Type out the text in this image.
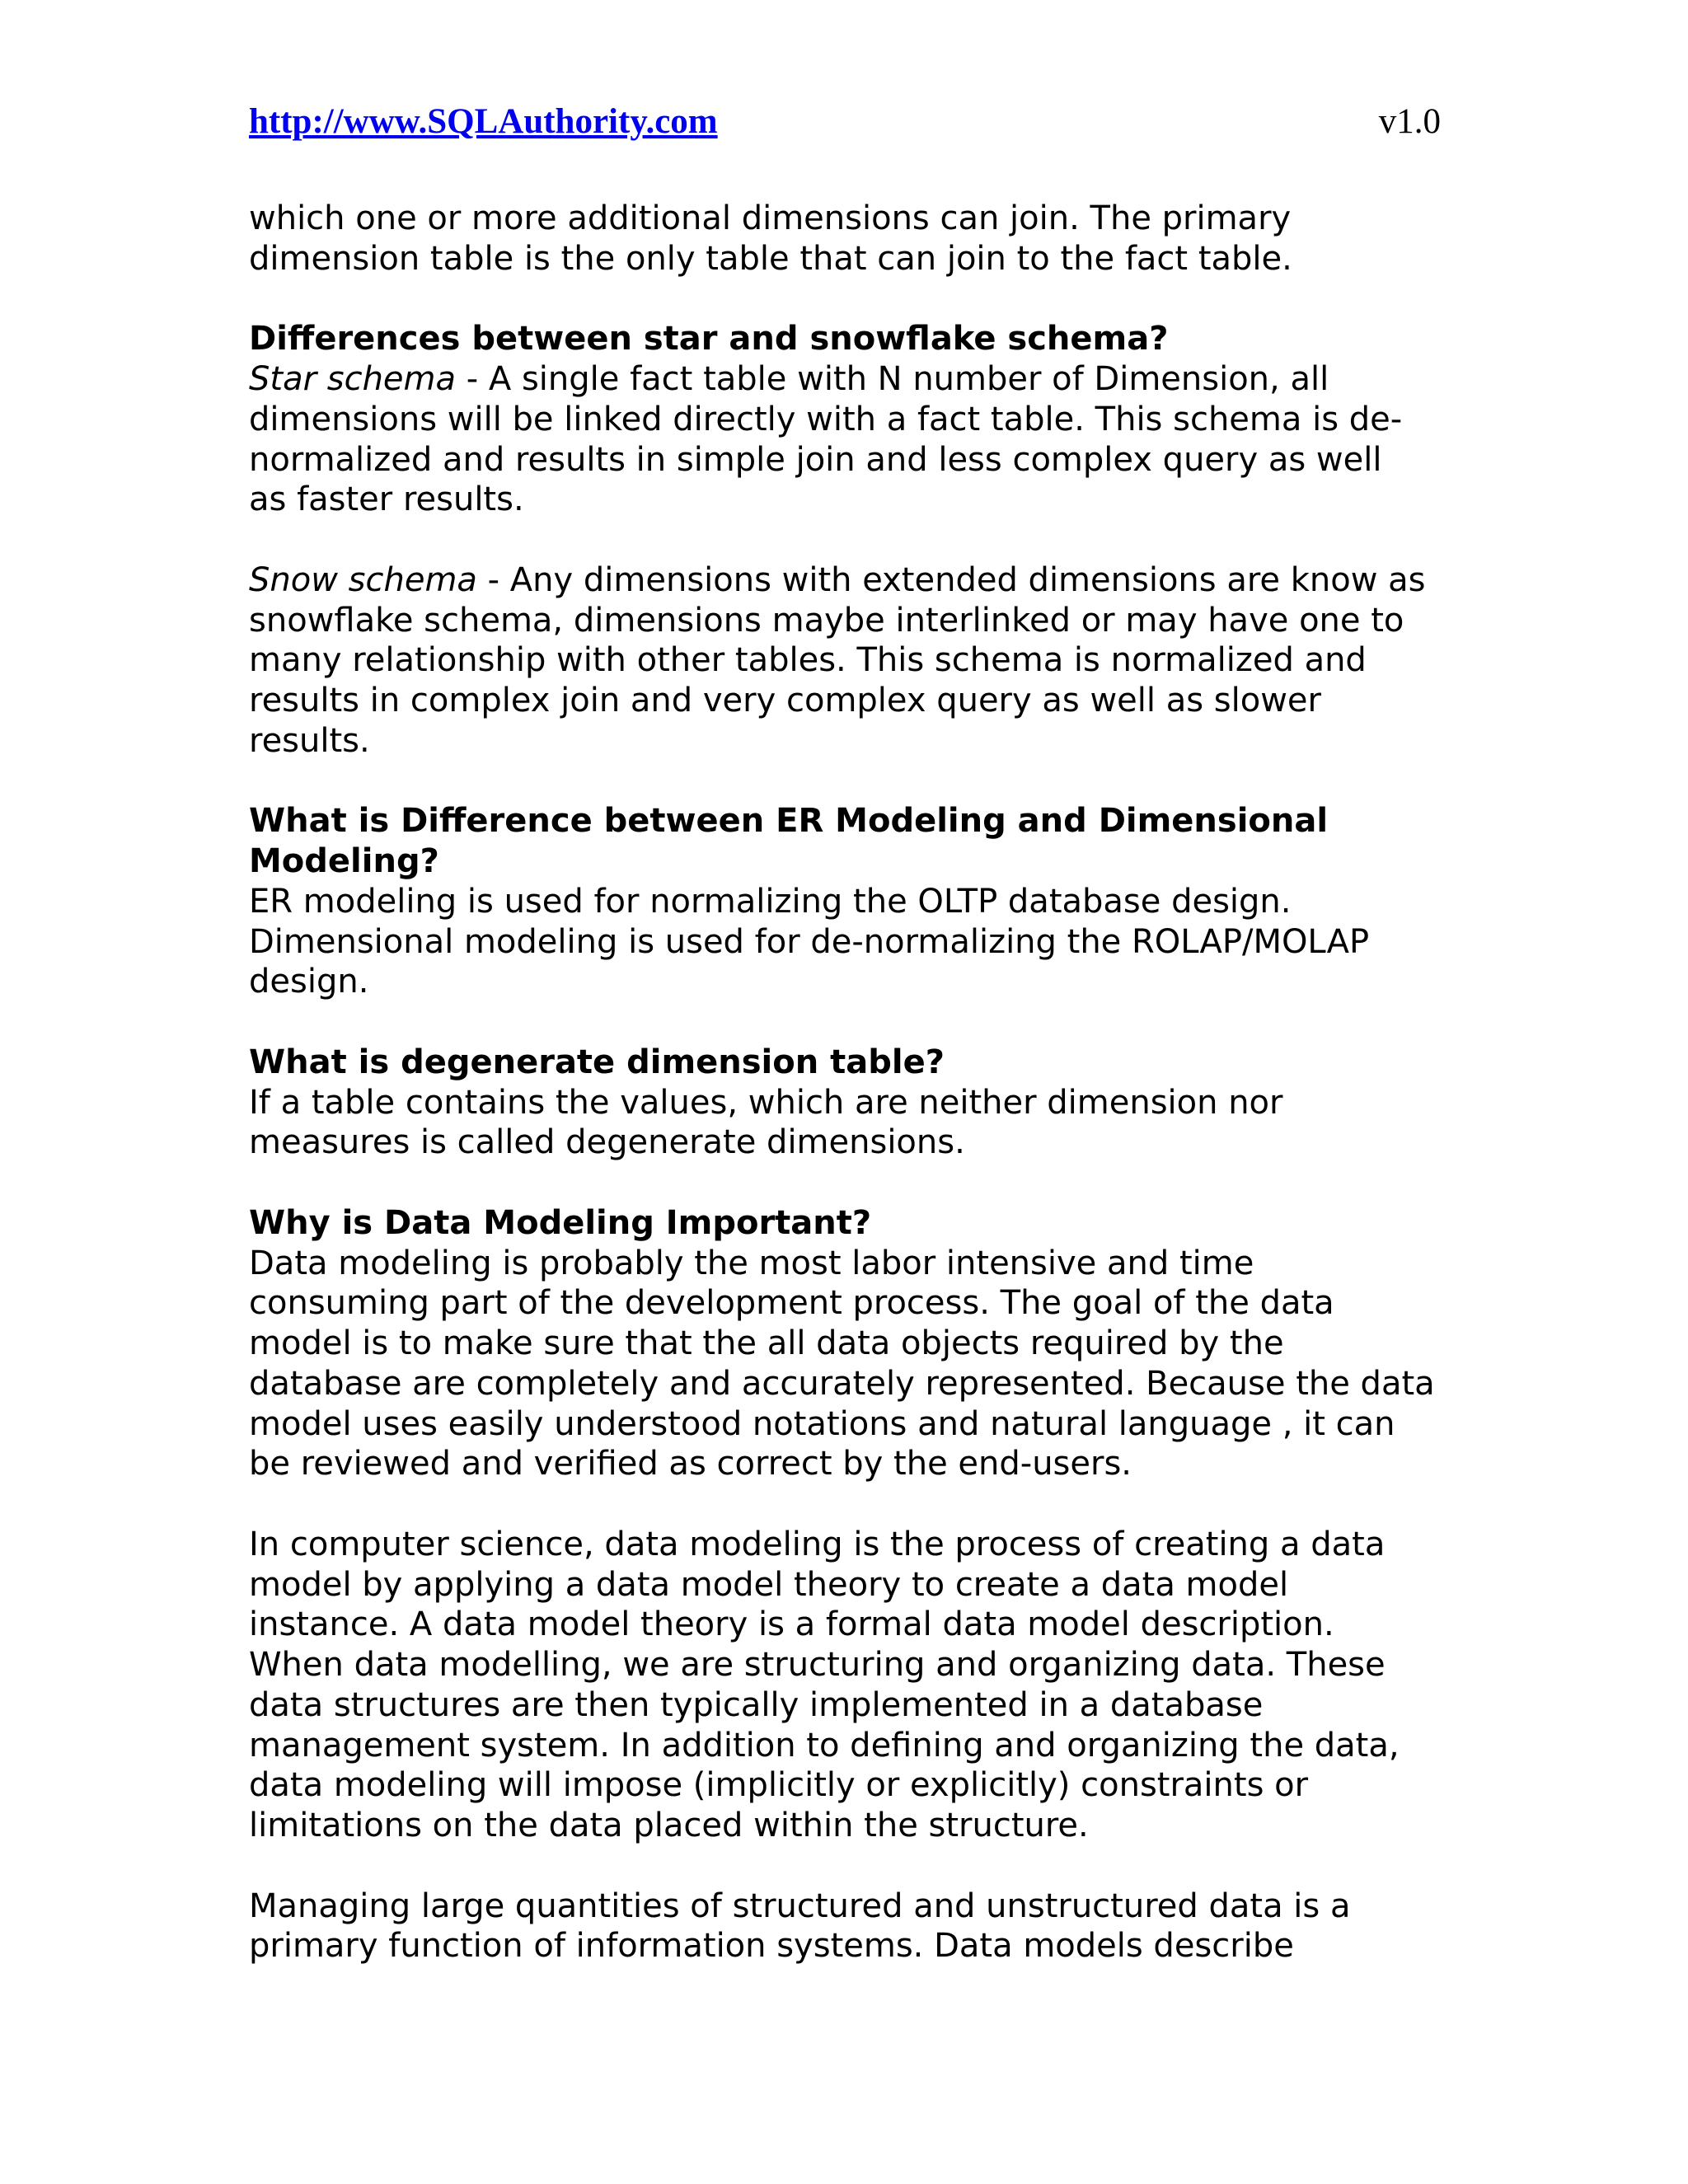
http://www.SQLAuthority.com	v1.0

which one or more additional dimensions can join. The primary
dimension table is the only table that can join to the fact table.

Differences between star and snowflake schema?

Star schema - A single fact table with N number of Dimension, all
dimensions will be linked directly with a fact table. This schema is de-
normalized and results in simple join and less complex query as well
as faster results.

Snow schema - Any dimensions with extended dimensions are know as
snowflake schema, dimensions maybe interlinked or may have one to
many relationship with other tables. This schema is normalized and
results in complex join and very complex query as well as slower
results.

What is Difference between ER Modeling and Dimensional
Modeling?

ER modeling is used for normalizing the OLTP database design.
Dimensional modeling is used for de-normalizing the ROLAP/MOLAP
design.

What is degenerate dimension table?

If a table contains the values, which are neither dimension nor
measures is called degenerate dimensions.

Why is Data Modeling Important?

Data modeling is probably the most labor intensive and time
consuming part of the development process. The goal of the data
model is to make sure that the all data objects required by the
database are completely and accurately represented. Because the data
model uses easily understood notations and natural language , it can
be reviewed and verified as correct by the end-users.

In computer science, data modeling is the process of creating a data
model by applying a data model theory to create a data model
instance. A data model theory is a formal data model description.
When data modelling, we are structuring and organizing data. These
data structures are then typically implemented in a database
management system. In addition to defining and organizing the data,
data modeling will impose (implicitly or explicitly) constraints or
limitations on the data placed within the structure.

Managing large quantities of structured and unstructured data is a
primary function of information systems. Data models describe
